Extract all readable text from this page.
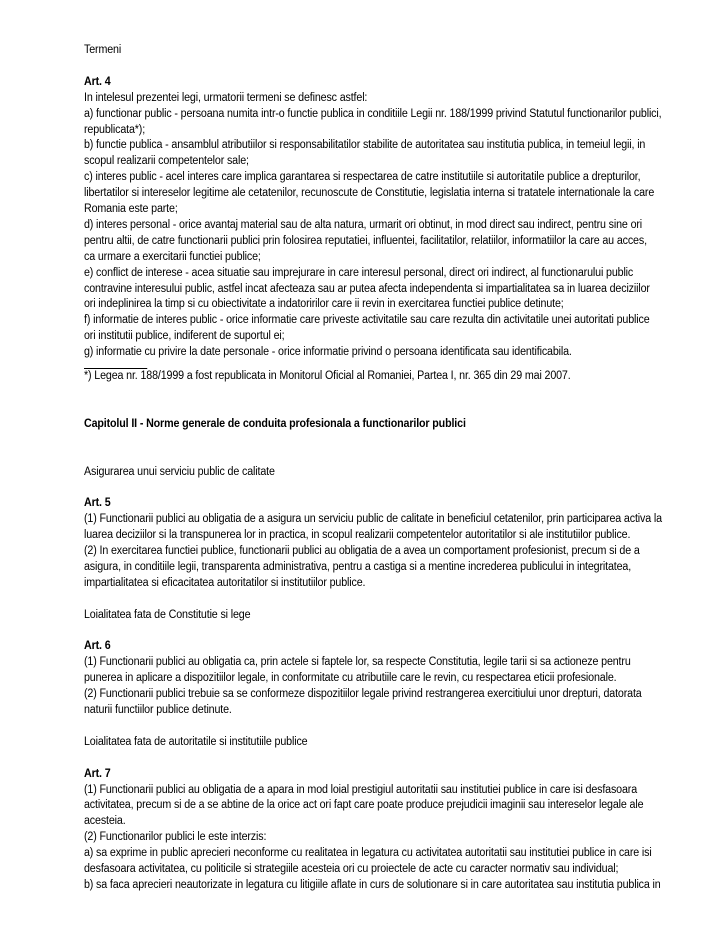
Termeni
Art. 4
In intelesul prezentei legi, urmatorii termeni se definesc astfel:
a) functionar public - persoana numita intr-o functie publica in conditiile Legii nr. 188/1999 privind Statutul functionarilor publici,
republicata*);
b) functie publica - ansamblul atributiilor si responsabilitatilor stabilite de autoritatea sau institutia publica, in temeiul legii, in
scopul realizarii competentelor sale;
c) interes public - acel interes care implica garantarea si respectarea de catre institutiile si autoritatile publice a drepturilor,
libertatilor si intereselor legitime ale cetatenilor, recunoscute de Constitutie, legislatia interna si tratatele internationale la care
Romania este parte;
d) interes personal - orice avantaj material sau de alta natura, urmarit ori obtinut, in mod direct sau indirect, pentru sine ori
pentru altii, de catre functionarii publici prin folosirea reputatiei, influentei, facilitatilor, relatiilor, informatiilor la care au acces,
ca urmare a exercitarii functiei publice;
e) conflict de interese - acea situatie sau imprejurare in care interesul personal, direct ori indirect, al functionarului public
contravine interesului public, astfel incat afecteaza sau ar putea afecta independenta si impartialitatea sa in luarea deciziilor
ori indeplinirea la timp si cu obiectivitate a indatoririlor care ii revin in exercitarea functiei publice detinute;
f) informatie de interes public - orice informatie care priveste activitatile sau care rezulta din activitatile unei autoritati publice
ori institutii publice, indiferent de suportul ei;
g) informatie cu privire la date personale - orice informatie privind o persoana identificata sau identificabila.
*) Legea nr. 188/1999 a fost republicata in Monitorul Oficial al Romaniei, Partea I, nr. 365 din 29 mai 2007.
Capitolul II - Norme generale de conduita profesionala a functionarilor publici
Asigurarea unui serviciu public de calitate
Art. 5
(1) Functionarii publici au obligatia de a asigura un serviciu public de calitate in beneficiul cetatenilor, prin participarea activa la
luarea deciziilor si la transpunerea lor in practica, in scopul realizarii competentelor autoritatilor si ale institutiilor publice.
(2) In exercitarea functiei publice, functionarii publici au obligatia de a avea un comportament profesionist, precum si de a
asigura, in conditiile legii, transparenta administrativa, pentru a castiga si a mentine increderea publicului in integritatea,
impartialitatea si eficacitatea autoritatilor si institutiilor publice.
Loialitatea fata de Constitutie si lege
Art. 6
(1) Functionarii publici au obligatia ca, prin actele si faptele lor, sa respecte Constitutia, legile tarii si sa actioneze pentru
punerea in aplicare a dispozitiilor legale, in conformitate cu atributiile care le revin, cu respectarea eticii profesionale.
(2) Functionarii publici trebuie sa se conformeze dispozitiilor legale privind restrangerea exercitiului unor drepturi, datorata
naturii functiilor publice detinute.
Loialitatea fata de autoritatile si institutiile publice
Art. 7
(1) Functionarii publici au obligatia de a apara in mod loial prestigiul autoritatii sau institutiei publice in care isi desfasoara
activitatea, precum si de a se abtine de la orice act ori fapt care poate produce prejudicii imaginii sau intereselor legale ale
acesteia.
(2) Functionarilor publici le este interzis:
a) sa exprime in public aprecieri neconforme cu realitatea in legatura cu activitatea autoritatii sau institutiei publice in care isi
desfasoara activitatea, cu politicile si strategiile acesteia ori cu proiectele de acte cu caracter normativ sau individual;
b) sa faca aprecieri neautorizate in legatura cu litigiile aflate in curs de solutionare si in care autoritatea sau institutia publica in
